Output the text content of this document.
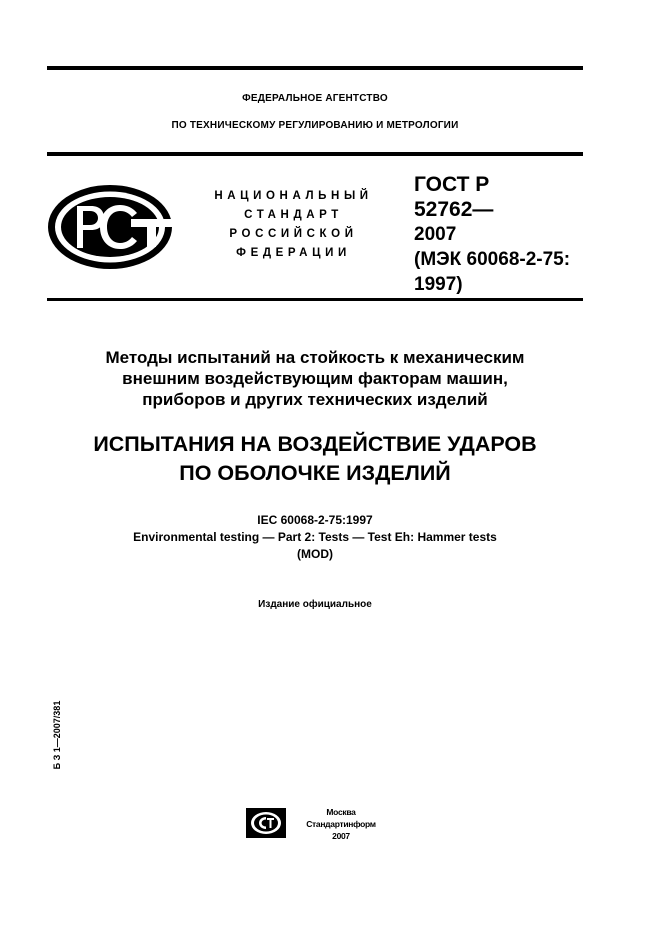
ФЕДЕРАЛЬНОЕ АГЕНТСТВО
ПО ТЕХНИЧЕСКОМУ РЕГУЛИРОВАНИЮ И МЕТРОЛОГИИ
НАЦИОНАЛЬНЫЙ
СТАНДАРТ
РОССИЙСКОЙ
ФЕДЕРАЦИИ
ГОСТ Р
52762—
2007
(МЭК 60068-2-75:
1997)
Методы испытаний на стойкость к механическим
внешним воздействующим факторам машин,
приборов и других технических изделий
ИСПЫТАНИЯ НА ВОЗДЕЙСТВИЕ УДАРОВ
ПО ОБОЛОЧКЕ ИЗДЕЛИЙ
IEC 60068-2-75:1997
Environmental testing — Part 2: Tests — Test Eh: Hammer tests
(MOD)
Издание официальное
Б З 1—2007/381
Москва
Стандартинформ
2007
